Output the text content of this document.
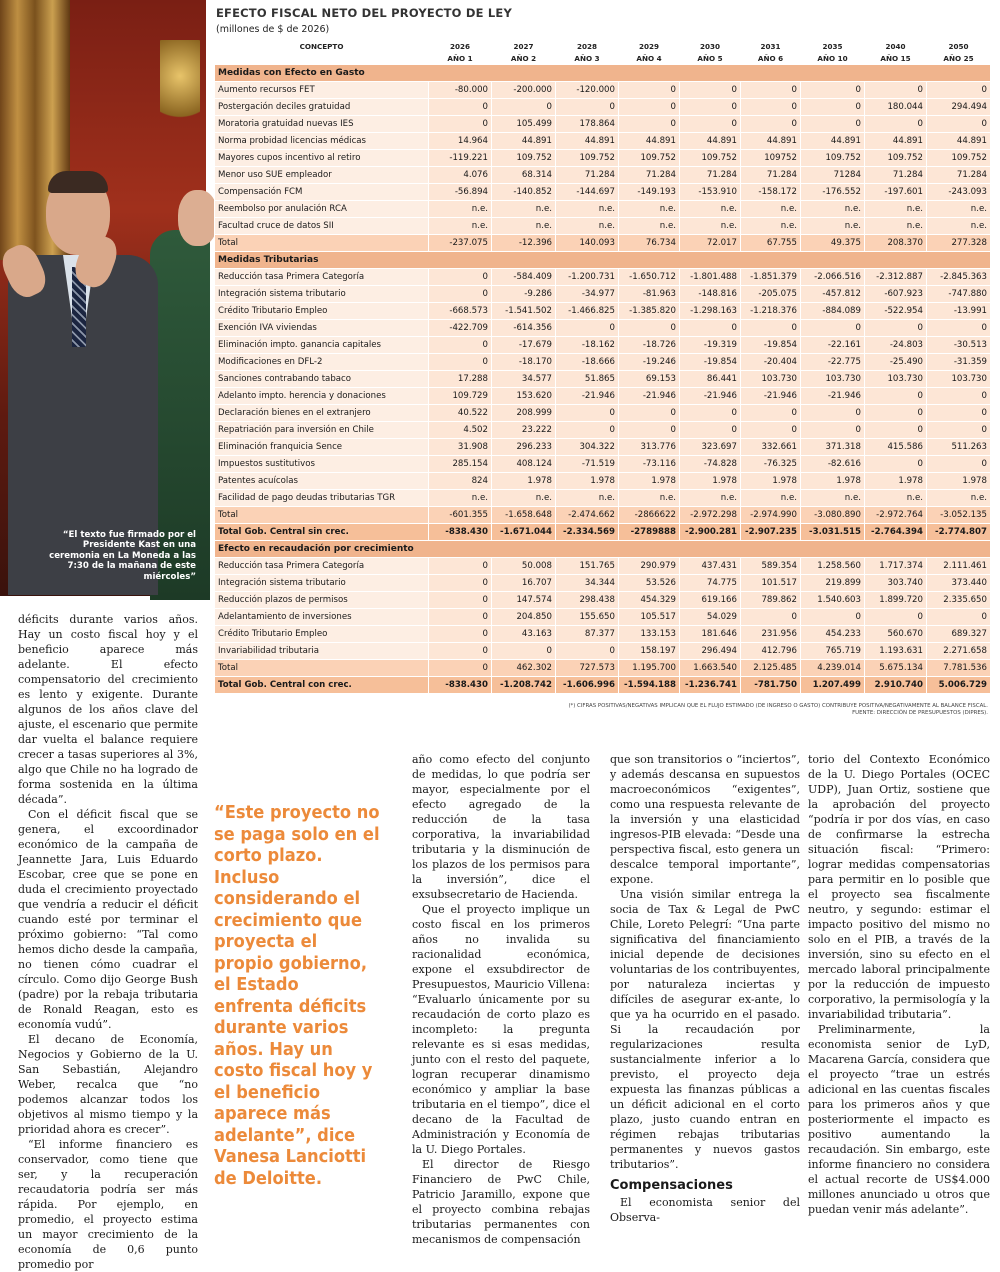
“El texto fue firmado por el Presidente Kast en una ceremonia en La Moneda a las 7:30 de la mañana de este miércoles”
EFECTO FISCAL NETO DEL PROYECTO DE LEY
(millones de $ de 2026)
CONCEPTO	2026	2027	2028	2029	2030	2031	2035	2040	2050
	AÑO 1	AÑO 2	AÑO 3	AÑO 4	AÑO 5	AÑO 6	AÑO 10	AÑO 15	AÑO 25
Medidas con Efecto en Gasto									
Aumento recursos FET	-80.000	-200.000	-120.000	0	0	0	0	0	0
Postergación deciles gratuidad	0	0	0	0	0	0	0	180.044	294.494
Moratoria gratuidad nuevas IES	0	105.499	178.864	0	0	0	0	0	0
Norma probidad licencias médicas	14.964	44.891	44.891	44.891	44.891	44.891	44.891	44.891	44.891
Mayores cupos incentivo al retiro	-119.221	109.752	109.752	109.752	109.752	109752	109.752	109.752	109.752
Menor uso SUE empleador	4.076	68.314	71.284	71.284	71.284	71.284	71284	71.284	71.284
Compensación FCM	-56.894	-140.852	-144.697	-149.193	-153.910	-158.172	-176.552	-197.601	-243.093
Reembolso por anulación RCA	n.e.	n.e.	n.e.	n.e.	n.e.	n.e.	n.e.	n.e.	n.e.
Facultad cruce de datos SII	n.e.	n.e.	n.e.	n.e.	n.e.	n.e.	n.e.	n.e.	n.e.
Total	-237.075	-12.396	140.093	76.734	72.017	67.755	49.375	208.370	277.328
Medidas Tributarias									
Reducción tasa Primera Categoría	0	-584.409	-1.200.731	-1.650.712	-1.801.488	-1.851.379	-2.066.516	-2.312.887	-2.845.363
Integración sistema tributario	0	-9.286	-34.977	-81.963	-148.816	-205.075	-457.812	-607.923	-747.880
Crédito Tributario Empleo	-668.573	-1.541.502	-1.466.825	-1.385.820	-1.298.163	-1.218.376	-884.089	-522.954	-13.991
Exención IVA viviendas	-422.709	-614.356	0	0	0	0	0	0	0
Eliminación impto. ganancia capitales	0	-17.679	-18.162	-18.726	-19.319	-19.854	-22.161	-24.803	-30.513
Modificaciones en DFL-2	0	-18.170	-18.666	-19.246	-19.854	-20.404	-22.775	-25.490	-31.359
Sanciones contrabando tabaco	17.288	34.577	51.865	69.153	86.441	103.730	103.730	103.730	103.730
Adelanto impto. herencia y donaciones	109.729	153.620	-21.946	-21.946	-21.946	-21.946	-21.946	0	0
Declaración bienes en el extranjero	40.522	208.999	0	0	0	0	0	0	0
Repatriación para inversión en Chile	4.502	23.222	0	0	0	0	0	0	0
Eliminación franquicia Sence	31.908	296.233	304.322	313.776	323.697	332.661	371.318	415.586	511.263
Impuestos sustitutivos	285.154	408.124	-71.519	-73.116	-74.828	-76.325	-82.616	0	0
Patentes acuícolas	824	1.978	1.978	1.978	1.978	1.978	1.978	1.978	1.978
Facilidad de pago deudas tributarias TGR	n.e.	n.e.	n.e.	n.e.	n.e.	n.e.	n.e.	n.e.	n.e.
Total	-601.355	-1.658.648	-2.474.662	-2866622	-2.972.298	-2.974.990	-3.080.890	-2.972.764	-3.052.135
Total Gob. Central sin crec.	-838.430	-1.671.044	-2.334.569	-2789888	-2.900.281	-2.907.235	-3.031.515	-2.764.394	-2.774.807
Efecto en recaudación por crecimiento									
Reducción tasa Primera Categoría	0	50.008	151.765	290.979	437.431	589.354	1.258.560	1.717.374	2.111.461
Integración sistema tributario	0	16.707	34.344	53.526	74.775	101.517	219.899	303.740	373.440
Reducción plazos de permisos	0	147.574	298.438	454.329	619.166	789.862	1.540.603	1.899.720	2.335.650
Adelantamiento de inversiones	0	204.850	155.650	105.517	54.029	0	0	0	0
Crédito Tributario Empleo	0	43.163	87.377	133.153	181.646	231.956	454.233	560.670	689.327
Invariabilidad tributaria	0	0	0	158.197	296.494	412.796	765.719	1.193.631	2.271.658
Total	0	462.302	727.573	1.195.700	1.663.540	2.125.485	4.239.014	5.675.134	7.781.536
Total Gob. Central con crec.	-838.430	-1.208.742	-1.606.996	-1.594.188	-1.236.741	-781.750	1.207.499	2.910.740	5.006.729
(*) CIFRAS POSITIVAS/NEGATIVAS IMPLICAN QUE EL FLUJO ESTIMADO (DE INGRESO O GASTO) CONTRIBUYE POSITIVA/NEGATIVAMENTE AL BALANCE FISCAL.
FUENTE: DIRECCIÓN DE PRESUPUESTOS (DIPRES).

déficits durante varios años. Hay un costo fiscal hoy y el beneficio aparece más adelante. El efecto compensatorio del crecimiento es lento y exigente. Durante algunos de los años clave del ajuste, el escenario que permite dar vuelta el balance requiere crecer a tasas superiores al 3%, algo que Chile no ha logrado de forma sostenida en la última década”.

Con el déficit fiscal que se genera, el excoordinador económico de la campaña de Jeannette Jara, Luis Eduardo Escobar, cree que se pone en duda el crecimiento proyectado que vendría a reducir el déficit cuando esté por terminar el próximo gobierno: “Tal como hemos dicho desde la campaña, no tienen cómo cuadrar el círculo. Como dijo George Bush (padre) por la rebaja tributaria de Ronald Reagan, esto es economía vudú”.

El decano de Economía, Negocios y Gobierno de la U. San Sebastián, Alejandro Weber, recalca que “no podemos alcanzar todos los objetivos al mismo tiempo y la prioridad ahora es crecer”.

“El informe financiero es conservador, como tiene que ser, y la recuperación recaudatoria podría ser más rápida. Por ejemplo, en promedio, el proyecto estima un mayor crecimiento de la economía de 0,6 punto promedio por

“Este proyecto no se paga solo en el corto plazo. Incluso considerando el crecimiento que proyecta el propio gobierno, el Estado enfrenta déficits durante varios años. Hay un costo fiscal hoy y el beneficio aparece más adelante”, dice Vanesa Lanciotti de Deloitte.

año como efecto del conjunto de medidas, lo que podría ser mayor, especialmente por el efecto agregado de la reducción de la tasa corporativa, la invariabilidad tributaria y la disminución de los plazos de los permisos para la inversión”, dice el exsubsecretario de Hacienda.

Que el proyecto implique un costo fiscal en los primeros años no invalida su racionalidad económica, expone el exsubdirector de Presupuestos, Mauricio Villena: “Evaluarlo únicamente por su recaudación de corto plazo es incompleto: la pregunta relevante es si esas medidas, junto con el resto del paquete, logran recuperar dinamismo económico y ampliar la base tributaria en el tiempo”, dice el decano de la Facultad de Administración y Economía de la U. Diego Portales.

El director de Riesgo Financiero de PwC Chile, Patricio Jaramillo, expone que el proyecto combina rebajas tributarias permanentes con mecanismos de compensación

que son transitorios o “inciertos”, y además descansa en supuestos macroeconómicos “exigentes”, como una respuesta relevante de la inversión y una elasticidad ingresos-PIB elevada: “Desde una perspectiva fiscal, esto genera un descalce temporal importante”, expone.

Una visión similar entrega la socia de Tax & Legal de PwC Chile, Loreto Pelegrí: “Una parte significativa del financiamiento inicial depende de decisiones voluntarias de los contribuyentes, por naturaleza inciertas y difíciles de asegurar ex-ante, lo que ya ha ocurrido en el pasado. Si la recaudación por regularizaciones resulta sustancialmente inferior a lo previsto, el proyecto deja expuesta las finanzas públicas a un déficit adicional en el corto plazo, justo cuando entran en régimen rebajas tributarias permanentes y nuevos gastos tributarios”.

Compensaciones

El economista senior del Observa-

torio del Contexto Económico de la U. Diego Portales (OCEC UDP), Juan Ortiz, sostiene que la aprobación del proyecto “podría ir por dos vías, en caso de confirmarse la estrecha situación fiscal: “Primero: lograr medidas compensatorias para permitir en lo posible que el proyecto sea fiscalmente neutro, y segundo: estimar el impacto positivo del mismo no solo en el PIB, a través de la inversión, sino su efecto en el mercado laboral principalmente por la reducción de impuesto corporativo, la permisología y la invariabilidad tributaria”.

Preliminarmente, la economista senior de LyD, Macarena García, considera que el proyecto “trae un estrés adicional en las cuentas fiscales para los primeros años y que posteriormente el impacto es positivo aumentando la recaudación. Sin embargo, este informe financiero no considera el actual recorte de US$4.000 millones anunciado u otros que puedan venir más adelante”.
